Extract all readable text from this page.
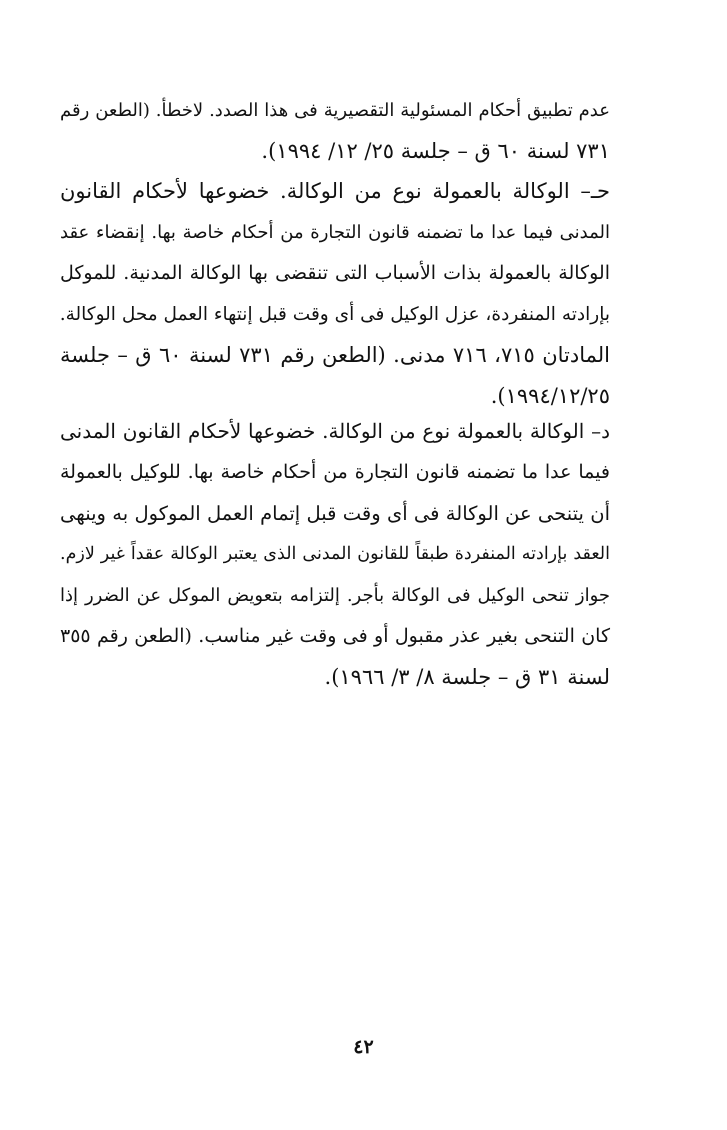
عدم تطبيق أحكام المسئولية التقصيرية فى هذا الصدد. لاخطأ. (الطعن رقم
٧٣١ لسنة ٦٠ ق – جلسة ٢٥/ ١٢/ ١٩٩٤).
حـ– الوكالة بالعمولة نوع من الوكالة. خضوعها لأحكام القانون
المدنى فيما عدا ما تضمنه قانون التجارة من أحكام خاصة بها. إنقضاء عقد
الوكالة بالعمولة بذات الأسباب التى تنقضى بها الوكالة المدنية. للموكل
بإرادته المنفردة، عزل الوكيل فى أى وقت قبل إنتهاء العمل محل الوكالة.
المادتان ٧١٥، ٧١٦ مدنى. (الطعن رقم ٧٣١ لسنة ٦٠ ق – جلسة
١٩٩٤/١٢/٢٥).
د– الوكالة بالعمولة نوع من الوكالة. خضوعها لأحكام القانون المدنى
فيما عدا ما تضمنه قانون التجارة من أحكام خاصة بها. للوكيل بالعمولة
أن يتنحى عن الوكالة فى أى وقت قبل إتمام العمل الموكول به وينهى
العقد بإرادته المنفردة طبقاً للقانون المدنى الذى يعتبر الوكالة عقداً غير لازم.
جواز تنحى الوكيل فى الوكالة بأجر. إلتزامه بتعويض الموكل عن الضرر إذا
كان التنحى بغير عذر مقبول أو فى وقت غير مناسب. (الطعن رقم ٣٥٥
لسنة ٣١ ق – جلسة ٨/ ٣/ ١٩٦٦).
٤٢
